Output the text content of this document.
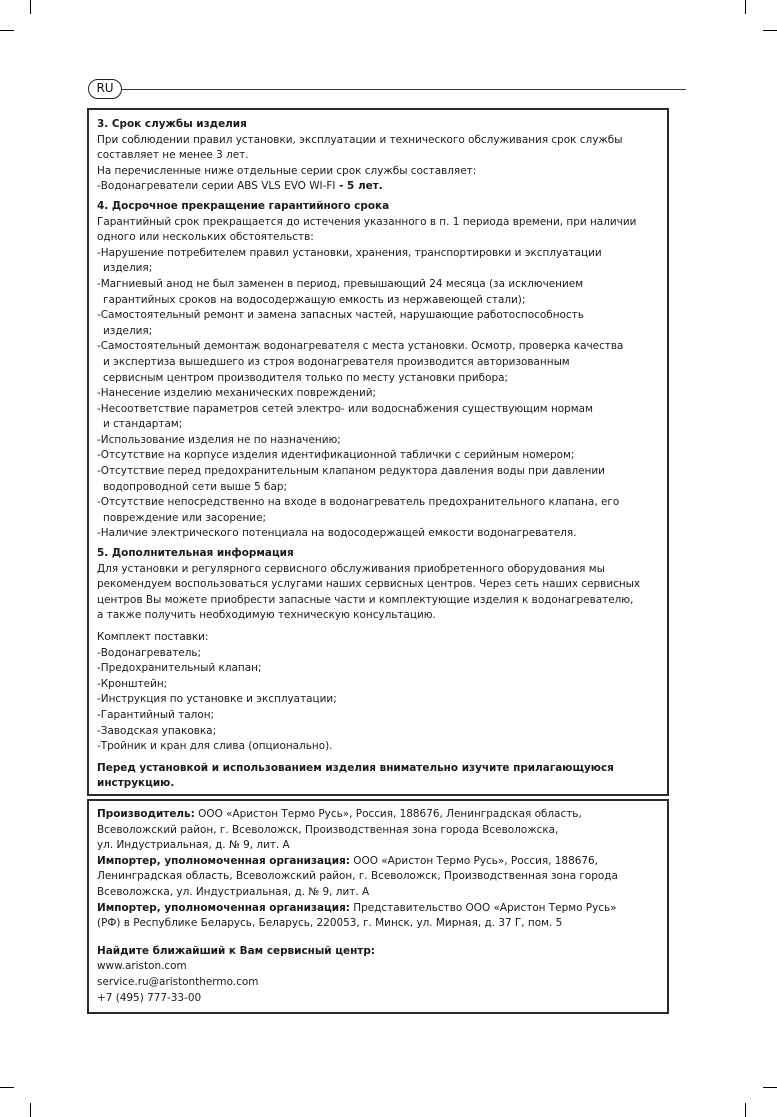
RU

3. Срок службы изделия

При соблюдении правил установки, эксплуатации и технического обслуживания срок службы

составляет не менее 3 лет.

На перечисленные ниже отдельные серии срок службы составляет:

-Водонагреватели серии ABS VLS EVO WI-FI - 5 лет.

4. Досрочное прекращение гарантийного срока

Гарантийный срок прекращается до истечения указанного в п. 1 периода времени, при наличии

одного или нескольких обстоятельств:

-Нарушение потребителем правил установки, хранения, транспортировки и эксплуатации

изделия;

-Магниевый анод не был заменен в период, превышающий 24 месяца (за исключением

гарантийных сроков на водосодержащую емкость из нержавеющей стали);

-Самостоятельный ремонт и замена запасных частей, нарушающие работоспособность

изделия;

-Самостоятельный демонтаж водонагревателя с места установки. Осмотр, проверка качества

и экспертиза вышедшего из строя водонагревателя производится авторизованным

сервисным центром производителя только по месту установки прибора;

-Нанесение изделию механических повреждений;

-Несоответствие параметров сетей электро- или водоснабжения существующим нормам

и стандартам;

-Использование изделия не по назначению;

-Отсутствие на корпусе изделия идентификационной таблички с серийным номером;

-Отсутствие перед предохранительным клапаном редуктора давления воды при давлении

водопроводной сети выше 5 бар;

-Отсутствие непосредственно на входе в водонагреватель предохранительного клапана, его

повреждение или засорение;

-Наличие электрического потенциала на водосодержащей емкости водонагревателя.

5. Дополнительная информация

Для установки и регулярного сервисного обслуживания приобретенного оборудования мы

рекомендуем воспользоваться услугами наших сервисных центров. Через сеть наших сервисных

центров Вы можете приобрести запасные части и комплектующие изделия к водонагревателю,

а также получить необходимую техническую консультацию.

Комплект поставки:

-Водонагреватель;

-Предохранительный клапан;

-Кронштейн;

-Инструкция по установке и эксплуатации;

-Гарантийный талон;

-Заводская упаковка;

-Тройник и кран для слива (опционально).

Перед установкой и использованием изделия внимательно изучите прилагающуюся

инструкцию.

Производитель: ООО «Аристон Термо Русь», Россия, 188676, Ленинградская область,

Всеволожский район, г. Всеволожск, Производственная зона города Всеволожска,

ул. Индустриальная, д. № 9, лит. А

Импортер, уполномоченная организация: ООО «Аристон Термо Русь», Россия, 188676,

Ленинградская область, Всеволожский район, г. Всеволожск, Производственная зона города

Всеволожска, ул. Индустриальная, д. № 9, лит. А

Импортер, уполномоченная организация: Представительство ООО «Аристон Термо Русь»

(РФ) в Республике Беларусь, Беларусь, 220053, г. Минск, ул. Мирная, д. 37 Г, пом. 5

Найдите ближайший к Вам сервисный центр:

www.ariston.com

service.ru@aristonthermo.com

+7 (495) 777-33-00
